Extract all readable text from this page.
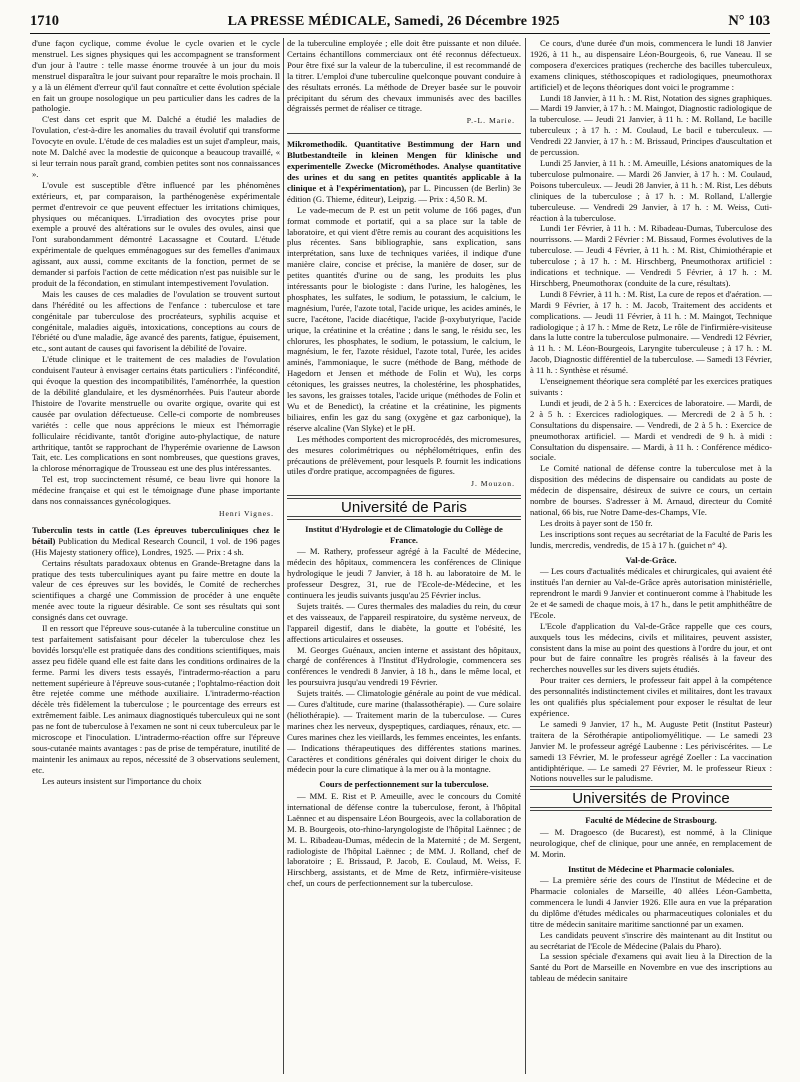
1710	LA PRESSE MÉDICALE, Samedi, 26 Décembre 1925	N° 103

d'une façon cyclique, comme évolue le cycle ovarien et le cycle menstruel. Les signes physiques qui les accompagnent se transforment d'un jour à l'autre : telle masse énorme trouvée à un jour du mois menstruel disparaîtra le jour suivant pour reparaître le mois prochain. Il y a là un élément d'erreur qu'il faut connaître et cette évolution spéciale en fait un groupe nosologique un peu particulier dans les cadres de la pathologie.

C'est dans cet esprit que M. Dalché a étudié les maladies de l'ovulation, c'est-à-dire les anomalies du travail évolutif qui transforme l'ovocyte en ovule. L'étude de ces maladies est un sujet d'ampleur, mais, note M. Dalché avec la modestie de quiconque a beaucoup travaillé, « si leur terrain nous paraît grand, combien petites sont nos connaissances ».

L'ovule est susceptible d'être influencé par les phénomènes extérieurs, et, par comparaison, la parthénogenèse expérimentale permet d'entrevoir ce que peuvent effectuer les irritations chimiques, physiques ou mécaniques. L'irradiation des ovocytes prise pour exemple a prouvé des altérations sur le ovules des ovules, ainsi que l'ont surabondamment démontré Lacassagne et Coutard. L'étude expérimentale de quelques emménagogues sur des femelles d'animaux agissant, aux aussi, comme excitants de la fonction, permet de se demander si parfois l'action de cette médication n'est pas nuisible sur le produit de la fécondation, en stimulant intempestivement l'ovulation.

Mais les causes de ces maladies de l'ovulation se trouvent surtout dans l'hérédité ou les affections de l'enfance : tuberculose et tare congénitale par tuberculose des procréateurs, syphilis acquise et congénitale, maladies aiguës, intoxications, conceptions au cours de l'ébriété ou d'une maladie, âge avancé des parents, fatigue, épuisement, etc., sont autant de causes qui favorisent la débilité de l'ovaire.

L'étude clinique et le traitement de ces maladies de l'ovulation conduisent l'auteur à envisager certains états particuliers : l'infécondité, qui évoque la question des incompatibilités, l'aménorrhée, la question de la débilité glandulaire, et les dysménorrhées. Puis l'auteur aborde l'histoire de l'ovarite menstruelle ou ovarite orgique, ovarite qui est causée par ovulation défectueuse. Celle-ci comporte de nombreuses variétés : celle que nous apprécions le mieux est l'hémorragie folliculaire récidivante, tantôt d'origine auto-phylactique, de nature arthritique, tantôt se rapprochant de l'hyperémie ovarienne de Lawson Tait, etc. Les complications en sont nombreuses, que questions graves, la chlorose ménorragique de Trousseau est une des plus intéressantes.

Tel est, trop succinctement résumé, ce beau livre qui honore la médecine française et qui est le témoignage d'une phase importante dans nos connaissances gynécologiques.

Henri Vignes.

Tuberculin tests in cattle (Les épreuves tuberculiniques chez le bétail) Publication du Medical Research Council, 1 vol. de 196 pages (His Majesty stationery office), Londres, 1925. — Prix : 4 sh.

Certains résultats paradoxaux obtenus en Grande-Bretagne dans la pratique des tests tuberculiniques ayant pu faire mettre en doute la valeur de ces épreuves sur les bovidés, le Comité de recherches scientifiques a chargé une Commission de procéder à une enquête menée avec toute la rigueur désirable. Ce sont ses résultats qui sont consignés dans cet ouvrage.

Il en ressort que l'épreuve sous-cutanée à la tuberculine constitue un test parfaitement satisfaisant pour déceler la tuberculose chez les bovidés lorsqu'elle est pratiquée dans des conditions scientifiques, mais assez peu fidèle quand elle est faite dans les conditions ordinaires de la ferme. Parmi les divers tests essayés, l'intradermo-réaction a paru nettement supérieure à l'épreuve sous-cutanée ; l'ophtalmo-réaction doit être rejetée comme une méthode auxiliaire. L'intradermo-réaction décèle très fidèlement la tuberculose ; le pourcentage des erreurs est extrêmement faible. Les animaux diagnostiqués tuberculeux qui ne sont pas ne font de tuberculose à l'examen ne sont ni ceux tuberculeux par le microscope et l'inoculation. L'intradermo-réaction offre sur l'épreuve sous-cutanée maints avantages : pas de prise de température, inutilité de maintenir les animaux au repos, nécessité de 3 observations seulement, etc.

Les auteurs insistent sur l'importance du choix

de la tuberculine employée ; elle doit être puissante et non diluée. Certains échantillons commerciaux ont été reconnus défectueux. Pour être fixé sur la valeur de la tuberculine, il est recommandé de la titrer. L'emploi d'une tuberculine quelconque pouvant conduire à des résultats erronés. La méthode de Dreyer basée sur le pouvoir précipitant du sérum des chevaux immunisés avec des bacilles dégraissés permet de réaliser ce titrage.

P.-L. Marie.

Mikromethodik. Quantitative Bestimmung der Harn und Blutbestandteile in kleinen Mengen für klinische und experimentelle Zwecke (Microméthodes. Analyse quantitative des urines et du sang en petites quantités applicable à la clinique et à l'expérimentation), par L. Pincussen (de Berlin) 3e édition (G. Thieme, éditeur), Leipzig. — Prix : 4,50 R. M.

Le vade-mecum de P. est un petit volume de 166 pages, d'un format commode et portatif, qui a sa place sur la table de laboratoire, et qui vient d'être remis au courant des acquisitions les plus récentes. Sans bibliographie, sans explication, sans interprétation, sans luxe de techniques variées, il indique d'une manière claire, concise et précise, la manière de doser, sur de petites quantités d'urine ou de sang, les produits les plus intéressants pour le biologiste : dans l'urine, les halogènes, les phosphates, les sulfates, le sodium, le potassium, le calcium, le magnésium, l'urée, l'azote total, l'acide urique, les acides aminés, le sucre, l'acétone, l'acide diacétique, l'acide β-oxybutyrique, l'acide urique, la créatinine et la créatine ; dans le sang, le résidu sec, les chlorures, les phosphates, le sodium, le potassium, le calcium, le magnésium, le fer, l'azote résiduel, l'azote total, l'urée, les acides aminés, l'ammoniaque, le sucre (méthode de Bang, méthode de Hagedorn et Jensen et méthode de Folin et Wu), les corps cétoniques, les graisses neutres, la cholestérine, les phosphatides, les savons, les graisses totales, l'acide urique (méthodes de Folin et Wu et de Benedict), la créatine et la créatinine, les pigments biliaires, enfin les gaz du sang (oxygène et gaz carbonique), la réserve alcaline (Van Slyke) et le pH.

Les méthodes comportent des microprocédés, des micromesures, des mesures colorimétriques ou néphélométriques, enfin des précautions de prélèvement, pour lesquels P. fournit les indications utiles d'ordre pratique, accompagnées de figures.

J. Mouzon.
Université de Paris
Institut d'Hydrologie et de Climatologie du Collège de France.

— M. Rathery, professeur agrégé à la Faculté de Médecine, médecin des hôpitaux, commencera les conférences de Clinique hydrologique le jeudi 7 Janvier, à 18 h. au laboratoire de M. le professeur Desgrez, 31, rue de l'Ecole-de-Médecine, et les continuera les jeudis suivants jusqu'au 25 Février inclus.

Sujets traités. — Cures thermales des maladies du rein, du cœur et des vaisseaux, de l'appareil respiratoire, du système nerveux, de l'appareil digestif, dans le diabète, la goutte et l'obésité, les affections articulaires et osseuses.

M. Georges Guénaux, ancien interne et assistant des hôpitaux, chargé de conférences à l'Institut d'Hydrologie, commencera ses conférences le vendredi 8 Janvier, à 18 h., dans le même local, et les poursuivra jusqu'au vendredi 19 Février.

Sujets traités. — Climatologie générale au point de vue médical. — Cures d'altitude, cure marine (thalassothérapie). — Cure solaire (héliothérapie). — Traitement marin de la tuberculose. — Cures marines chez les nerveux, dyspeptiques, cardiaques, rénaux, etc. — Cures marines chez les vieillards, les femmes enceintes, les enfants. — Indications thérapeutiques des différentes stations marines. Caractères et conditions générales qui doivent diriger le choix du médecin pour la cure climatique à la mer ou à la montagne.

Cours de perfectionnement sur la tuberculose.

— MM. E. Rist et P. Ameuille, avec le concours du Comité international de défense contre la tuberculose, feront, à l'hôpital Laënnec et au dispensaire Léon Bourgeois, avec la collaboration de M. B. Bourgeois, oto-rhino-laryngologiste de l'hôpital Laënnec ; de M. L. Ribadeau-Dumas, médecin de la Maternité ; de M. Sergent, radiologiste de l'hôpital Laënnec ; de MM. J. Rolland, chef de laboratoire ; E. Brissaud, P. Jacob, E. Coulaud, M. Weiss, F. Hirschberg, assistants, et de Mme de Retz, infirmière-visiteuse chef, un cours de perfectionnement sur la tuberculose.

Ce cours, d'une durée d'un mois, commencera le lundi 18 Janvier 1926, à 11 h., au dispensaire Léon-Bourgeois, 6, rue Vaneau. Il se composera d'exercices pratiques (recherche des bacilles tuberculeux, examens cliniques, stéthoscopiques et radiologiques, pneumothorax artificiel) et de leçons théoriques dont voici le programme :

Lundi 18 Janvier, à 11 h. : M. Rist, Notation des signes graphiques. — Mardi 19 Janvier, à 17 h. : M. Maingot, Diagnostic radiologique de la tuberculose. — Jeudi 21 Janvier, à 11 h. : M. Rolland, Le bacille tuberculeux ; à 17 h. : M. Coulaud, Le bacil e tuberculeux. — Vendredi 22 Janvier, à 17 h. : M. Brissaud, Principes d'auscultation et de percussion.

Lundi 25 Janvier, à 11 h. : M. Ameuille, Lésions anatomiques de la tuberculose pulmonaire. — Mardi 26 Janvier, à 17 h. : M. Coulaud, Poisons tuberculeux. — Jeudi 28 Janvier, à 11 h. : M. Rist, Les débuts cliniques de la tuberculose ; à 17 h. : M. Rolland, L'allergie tuberculeuse. — Vendredi 29 Janvier, à 17 h. : M. Weiss, Cuti-réaction à la tuberculose.

Lundi 1er Février, à 11 h. : M. Ribadeau-Dumas, Tuberculose des nourrissons. — Mardi 2 Février : M. Bissaud, Formes évolutives de la tuberculose. — Jeudi 4 Février, à 11 h. : M. Rist, Chimiothérapie et tuberculose ; à 17 h. : M. Hirschberg, Pneumothorax artificiel : indications et technique. — Vendredi 5 Février, à 17 h. : M. Hirschberg, Pneumothorax (conduite de la cure, résultats).

Lundi 8 Février, à 11 h. : M. Rist, La cure de repos et d'aération. — Mardi 9 Février, à 17 h. : M. Jacob, Traitement des accidents et complications. — Jeudi 11 Février, à 11 h. : M. Maingot, Technique radiologique ; à 17 h. : Mme de Retz, Le rôle de l'infirmière-visiteuse dans la lutte contre la tuberculose pulmonaire. — Vendredi 12 Février, à 11 h. : M. Léon-Bourgeois, Laryngite tuberculeuse ; à 17 h. : M. Jacob, Diagnostic différentiel de la tuberculose. — Samedi 13 Février, à 11 h. : Synthèse et résumé.

L'enseignement théorique sera complété par les exercices pratiques suivants :

Lundi et jeudi, de 2 à 5 h. : Exercices de laboratoire. — Mardi, de 2 à 5 h. : Exercices radiologiques. — Mercredi de 2 à 5 h. : Consultations du dispensaire. — Vendredi, de 2 à 5 h. : Exercice de pneumothorax artificiel. — Mardi et vendredi de 9 h. à midi : Consultation du dispensaire. — Mardi, à 11 h. : Conférence médico-sociale.

Le Comité national de défense contre la tuberculose met à la disposition des médecins de dispensaire ou candidats au poste de médecin de dispensaire, désireux de suivre ce cours, un certain nombre de bourses. S'adresser à M. Arnaud, directeur du Comité national, 66 bis, rue Notre Dame-des-Champs, VIe.

Les droits à payer sont de 150 fr.

Les inscriptions sont reçues au secrétariat de la Faculté de Paris les lundis, mercredis, vendredis, de 15 à 17 h. (guichet n° 4).

Val-de-Grâce.

— Les cours d'actualités médicales et chirurgicales, qui avaient été institués l'an dernier au Val-de-Grâce après autorisation ministérielle, reprendront le mardi 9 Janvier et continueront comme à l'habitude les 2e et 4e samedi de chaque mois, à 17 h., dans le petit amphithéâtre de l'Ecole.

L'Ecole d'application du Val-de-Grâce rappelle que ces cours, auxquels tous les médecins, civils et militaires, peuvent assister, consistent dans la mise au point des questions à l'ordre du jour, et ont pour but de faire connaître les progrès réalisés à la faveur des recherches nouvelles sur les divers sujets étudiés.

Pour traiter ces derniers, le professeur fait appel à la compétence des personnalités indistinctement civiles et militaires, dont les travaux les ont qualifiés plus spécialement pour exposer le résultat de leur expérience.

Le samedi 9 Janvier, 17 h., M. Auguste Petit (Institut Pasteur) traitera de la Sérothérapie antipoliomyélitique. — Le samedi 23 Janvier M. le professeur agrégé Laubenne : Les périviscérites. — Le samedi 13 Février, M. le professeur agrégé Zoeller : La vaccination antidiphtérique. — Le samedi 27 Février, M. le professeur Rieux : Notions nouvelles sur le paludisme.

Universités de Province
Faculté de Médecine de Strasbourg.

— M. Dragoesco (de Bucarest), est nommé, à la Clinique neurologique, chef de clinique, pour une année, en remplacement de M. Morin.

Institut de Médecine et Pharmacie coloniales.

— La première série des cours de l'Institut de Médecine et de Pharmacie coloniales de Marseille, 40 allées Léon-Gambetta, commencera le lundi 4 Janvier 1926. Elle aura en vue la préparation du diplôme d'études médicales ou pharmaceutiques coloniales et du titre de médecin sanitaire maritime sanctionné par un examen.

Les candidats peuvent s'inscrire dès maintenant au dit Institut ou au secrétariat de l'Ecole de Médecine (Palais du Pharo).

La session spéciale d'examens qui avait lieu à la Direction de la Santé du Port de Marseille en Novembre en vue des inscriptions au tableau de médecin sanitaire
